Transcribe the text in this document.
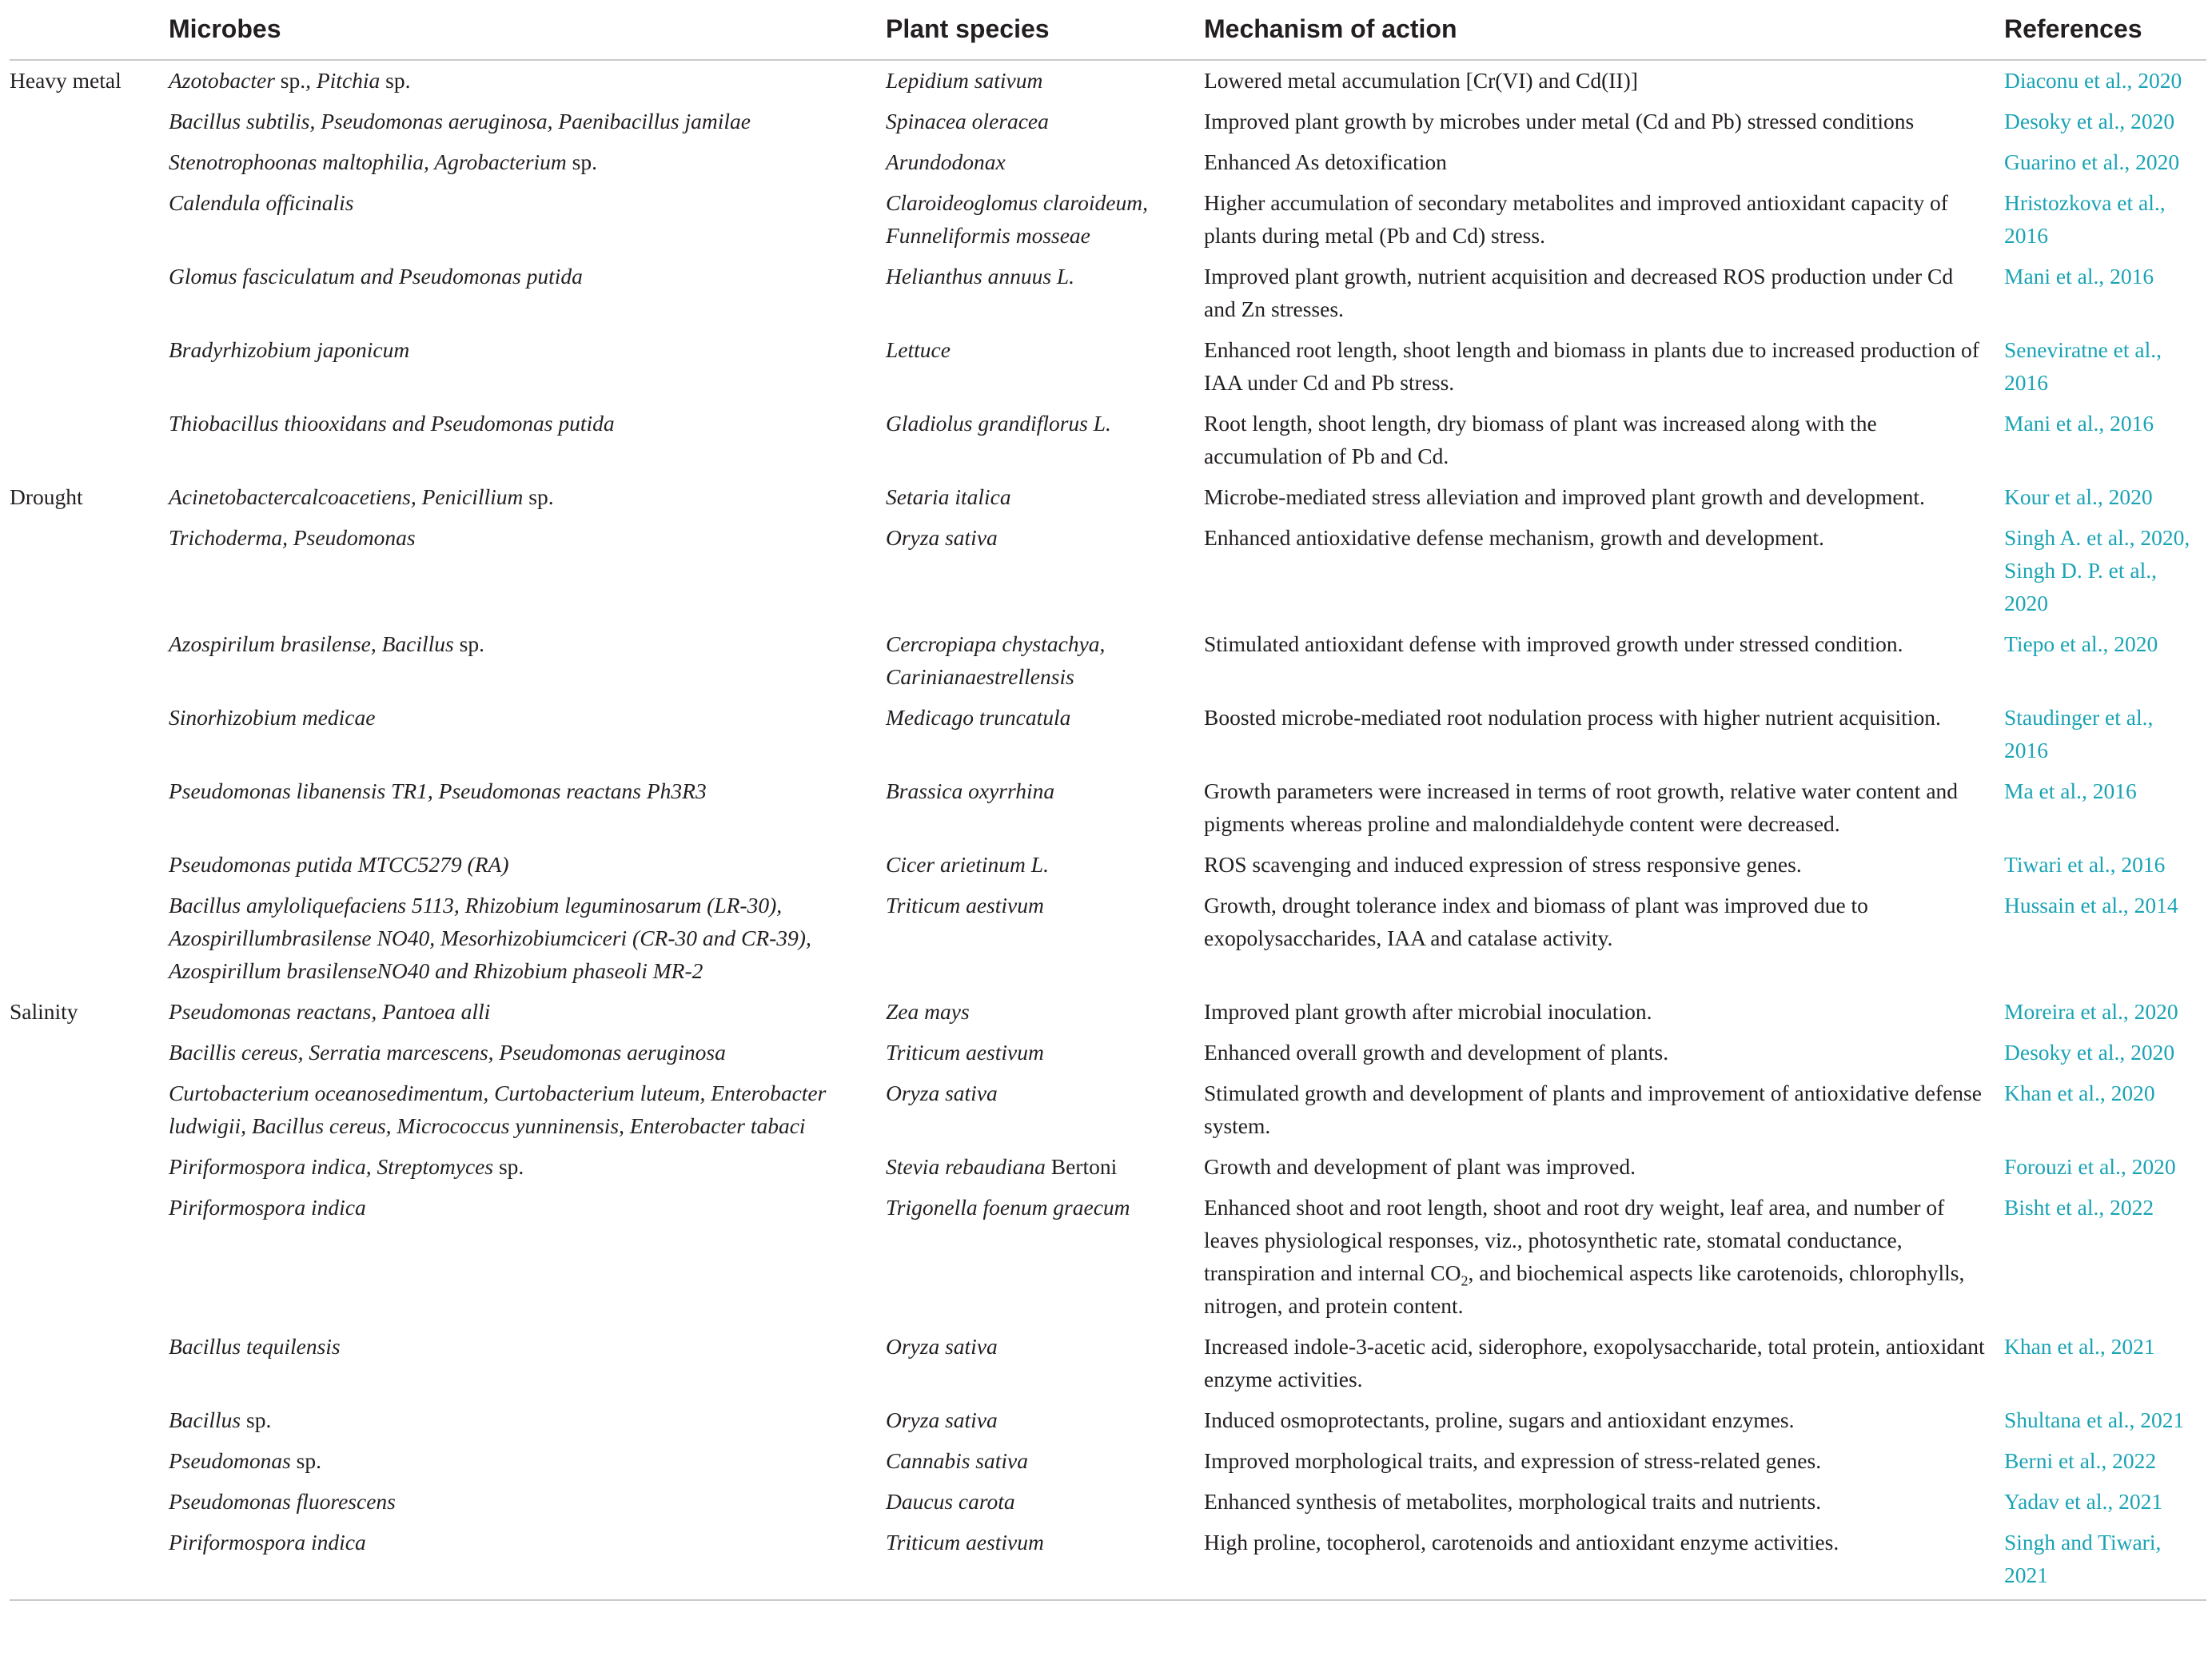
	Microbes	Plant species	Mechanism of action	References
Heavy metal	Azotobacter sp., Pitchia sp.	Lepidium sativum	Lowered metal accumulation [Cr(VI) and Cd(II)]	Diaconu et al., 2020
	Bacillus subtilis, Pseudomonas aeruginosa, Paenibacillus jamilae	Spinacea oleracea	Improved plant growth by microbes under metal (Cd and Pb) stressed conditions	Desoky et al., 2020
	Stenotrophoonas maltophilia, Agrobacterium sp.	Arundodonax	Enhanced As detoxification	Guarino et al., 2020
	Calendula officinalis	Claroideoglomus claroideum, Funneliformis mosseae	Higher accumulation of secondary metabolites and improved antioxidant capacity of plants during metal (Pb and Cd) stress.	Hristozkova et al., 2016
	Glomus fasciculatum and Pseudomonas putida	Helianthus annuus L.	Improved plant growth, nutrient acquisition and decreased ROS production under Cd and Zn stresses.	Mani et al., 2016
	Bradyrhizobium japonicum	Lettuce	Enhanced root length, shoot length and biomass in plants due to increased production of IAA under Cd and Pb stress.	Seneviratne et al., 2016
	Thiobacillus thiooxidans and Pseudomonas putida	Gladiolus grandiflorus L.	Root length, shoot length, dry biomass of plant was increased along with the accumulation of Pb and Cd.	Mani et al., 2016
Drought	Acinetobactercalcoacetiens, Penicillium sp.	Setaria italica	Microbe-mediated stress alleviation and improved plant growth and development.	Kour et al., 2020
	Trichoderma, Pseudomonas	Oryza sativa	Enhanced antioxidative defense mechanism, growth and development.	Singh A. et al., 2020, Singh D. P. et al., 2020
	Azospirilum brasilense, Bacillus sp.	Cercropiapa chystachya, Carinianaestrellensis	Stimulated antioxidant defense with improved growth under stressed condition.	Tiepo et al., 2020
	Sinorhizobium medicae	Medicago truncatula	Boosted microbe-mediated root nodulation process with higher nutrient acquisition.	Staudinger et al., 2016
	Pseudomonas libanensis TR1, Pseudomonas reactans Ph3R3	Brassica oxyrrhina	Growth parameters were increased in terms of root growth, relative water content and pigments whereas proline and malondialdehyde content were decreased.	Ma et al., 2016
	Pseudomonas putida MTCC5279 (RA)	Cicer arietinum L.	ROS scavenging and induced expression of stress responsive genes.	Tiwari et al., 2016
	Bacillus amyloliquefaciens 5113, Rhizobium leguminosarum (LR-30), Azospirillumbrasilense NO40, Mesorhizobiumciceri (CR-30 and CR-39), Azospirillum brasilenseNO40 and Rhizobium phaseoli MR-2	Triticum aestivum	Growth, drought tolerance index and biomass of plant was improved due to exopolysaccharides, IAA and catalase activity.	Hussain et al., 2014
Salinity	Pseudomonas reactans, Pantoea alli	Zea mays	Improved plant growth after microbial inoculation.	Moreira et al., 2020
	Bacillis cereus, Serratia marcescens, Pseudomonas aeruginosa	Triticum aestivum	Enhanced overall growth and development of plants.	Desoky et al., 2020
	Curtobacterium oceanosedimentum, Curtobacterium luteum, Enterobacter ludwigii, Bacillus cereus, Micrococcus yunninensis, Enterobacter tabaci	Oryza sativa	Stimulated growth and development of plants and improvement of antioxidative defense system.	Khan et al., 2020
	Piriformospora indica, Streptomyces sp.	Stevia rebaudiana Bertoni	Growth and development of plant was improved.	Forouzi et al., 2020
	Piriformospora indica	Trigonella foenum graecum	Enhanced shoot and root length, shoot and root dry weight, leaf area, and number of leaves physiological responses, viz., photosynthetic rate, stomatal conductance, transpiration and internal $CO_2$, and biochemical aspects like carotenoids, chlorophylls, nitrogen, and protein content.	Bisht et al., 2022
	Bacillus tequilensis	Oryza sativa	Increased indole-3-acetic acid, siderophore, exopolysaccharide, total protein, antioxidant enzyme activities.	Khan et al., 2021
	Bacillus sp.	Oryza sativa	Induced osmoprotectants, proline, sugars and antioxidant enzymes.	Shultana et al., 2021
	Pseudomonas sp.	Cannabis sativa	Improved morphological traits, and expression of stress-related genes.	Berni et al., 2022
	Pseudomonas fluorescens	Daucus carota	Enhanced synthesis of metabolites, morphological traits and nutrients.	Yadav et al., 2021
	Piriformospora indica	Triticum aestivum	High proline, tocopherol, carotenoids and antioxidant enzyme activities.	Singh and Tiwari, 2021
